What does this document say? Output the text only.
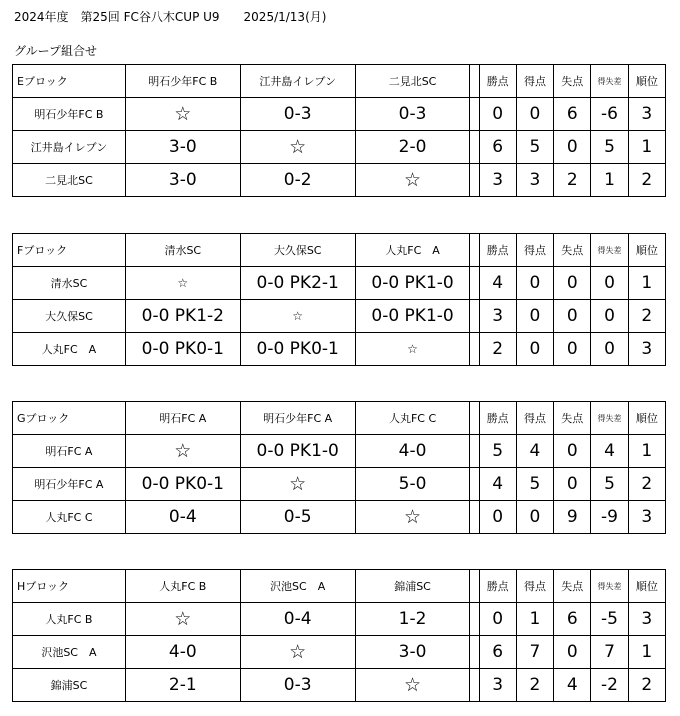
2024年度　第25回 FC谷八木CUP U9　　2025/1/13(月)
グループ組合せ
Eブロック	明石少年FC B	江井島イレブン	二見北SC		勝点	得点	失点	得失差	順位
明石少年FC B	☆	0-3	0-3		0	0	6	-6	3
江井島イレブン	3-0	☆	2-0		6	5	0	5	1
二見北SC	3-0	0-2	☆		3	3	2	1	2
Fブロック	清水SC	大久保SC	人丸FC　A		勝点	得点	失点	得失差	順位
清水SC	☆	0-0 PK2-1	0-0 PK1-0		4	0	0	0	1
大久保SC	0-0 PK1-2	☆	0-0 PK1-0		3	0	0	0	2
人丸FC　A	0-0 PK0-1	0-0 PK0-1	☆		2	0	0	0	3
Gブロック	明石FC A	明石少年FC A	人丸FC C		勝点	得点	失点	得失差	順位
明石FC A	☆	0-0 PK1-0	4-0		5	4	0	4	1
明石少年FC A	0-0 PK0-1	☆	5-0		4	5	0	5	2
人丸FC C	0-4	0-5	☆		0	0	9	-9	3
Hブロック	人丸FC B	沢池SC　A	錦浦SC		勝点	得点	失点	得失差	順位
人丸FC B	☆	0-4	1-2		0	1	6	-5	3
沢池SC　A	4-0	☆	3-0		6	7	0	7	1
錦浦SC	2-1	0-3	☆		3	2	4	-2	2
